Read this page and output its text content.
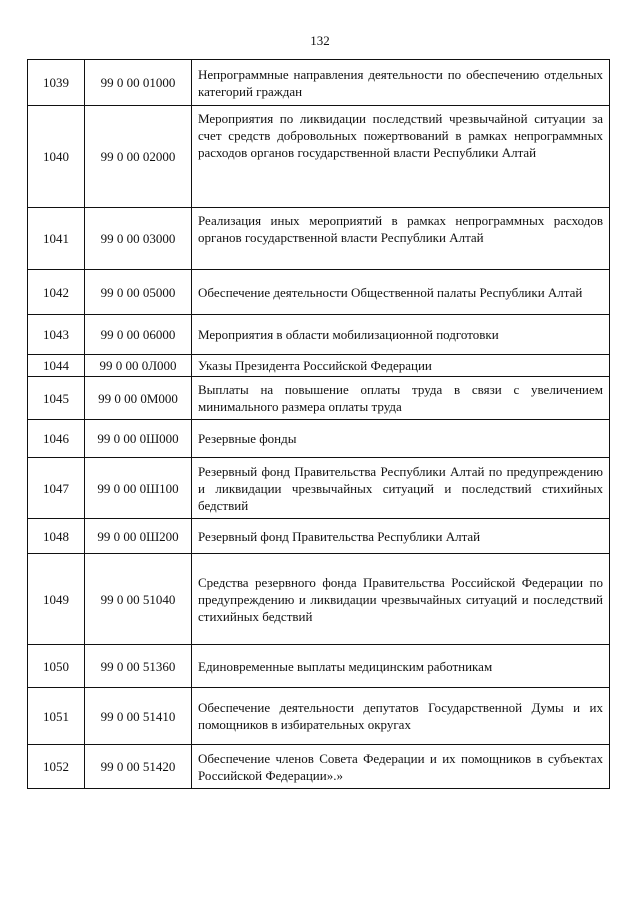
132
1039	99 0 00 01000	Непрограммные направления деятельности по обеспечению отдельных категорий граждан
1040	99 0 00 02000	Мероприятия по ликвидации последствий чрезвычайной ситуации за счет средств добровольных пожертвований в рамках непрограммных расходов органов государственной власти Республики Алтай
1041	99 0 00 03000	Реализация иных мероприятий в рамках непрограммных расходов органов государственной власти Республики Алтай
1042	99 0 00 05000	Обеспечение деятельности Общественной палаты Республики Алтай
1043	99 0 00 06000	Мероприятия в области мобилизационной подготовки
1044	99 0 00 0Л000	Указы Президента Российской Федерации
1045	99 0 00 0М000	Выплаты на повышение оплаты труда в связи с увеличением минимального размера оплаты труда
1046	99 0 00 0Ш000	Резервные фонды
1047	99 0 00 0Ш100	Резервный фонд Правительства Республики Алтай по предупреждению и ликвидации чрезвычайных ситуаций и последствий стихийных бедствий
1048	99 0 00 0Ш200	Резервный фонд Правительства Республики Алтай
1049	99 0 00 51040	Средства резервного фонда Правительства Российской Федерации по предупреждению и ликвидации чрезвычайных ситуаций и последствий стихийных бедствий
1050	99 0 00 51360	Единовременные выплаты медицинским работникам
1051	99 0 00 51410	Обеспечение деятельности депутатов Государственной Думы и их помощников в избирательных округах
1052	99 0 00 51420	Обеспечение членов Совета Федерации и их помощников в субъектах Российской Федерации».»
